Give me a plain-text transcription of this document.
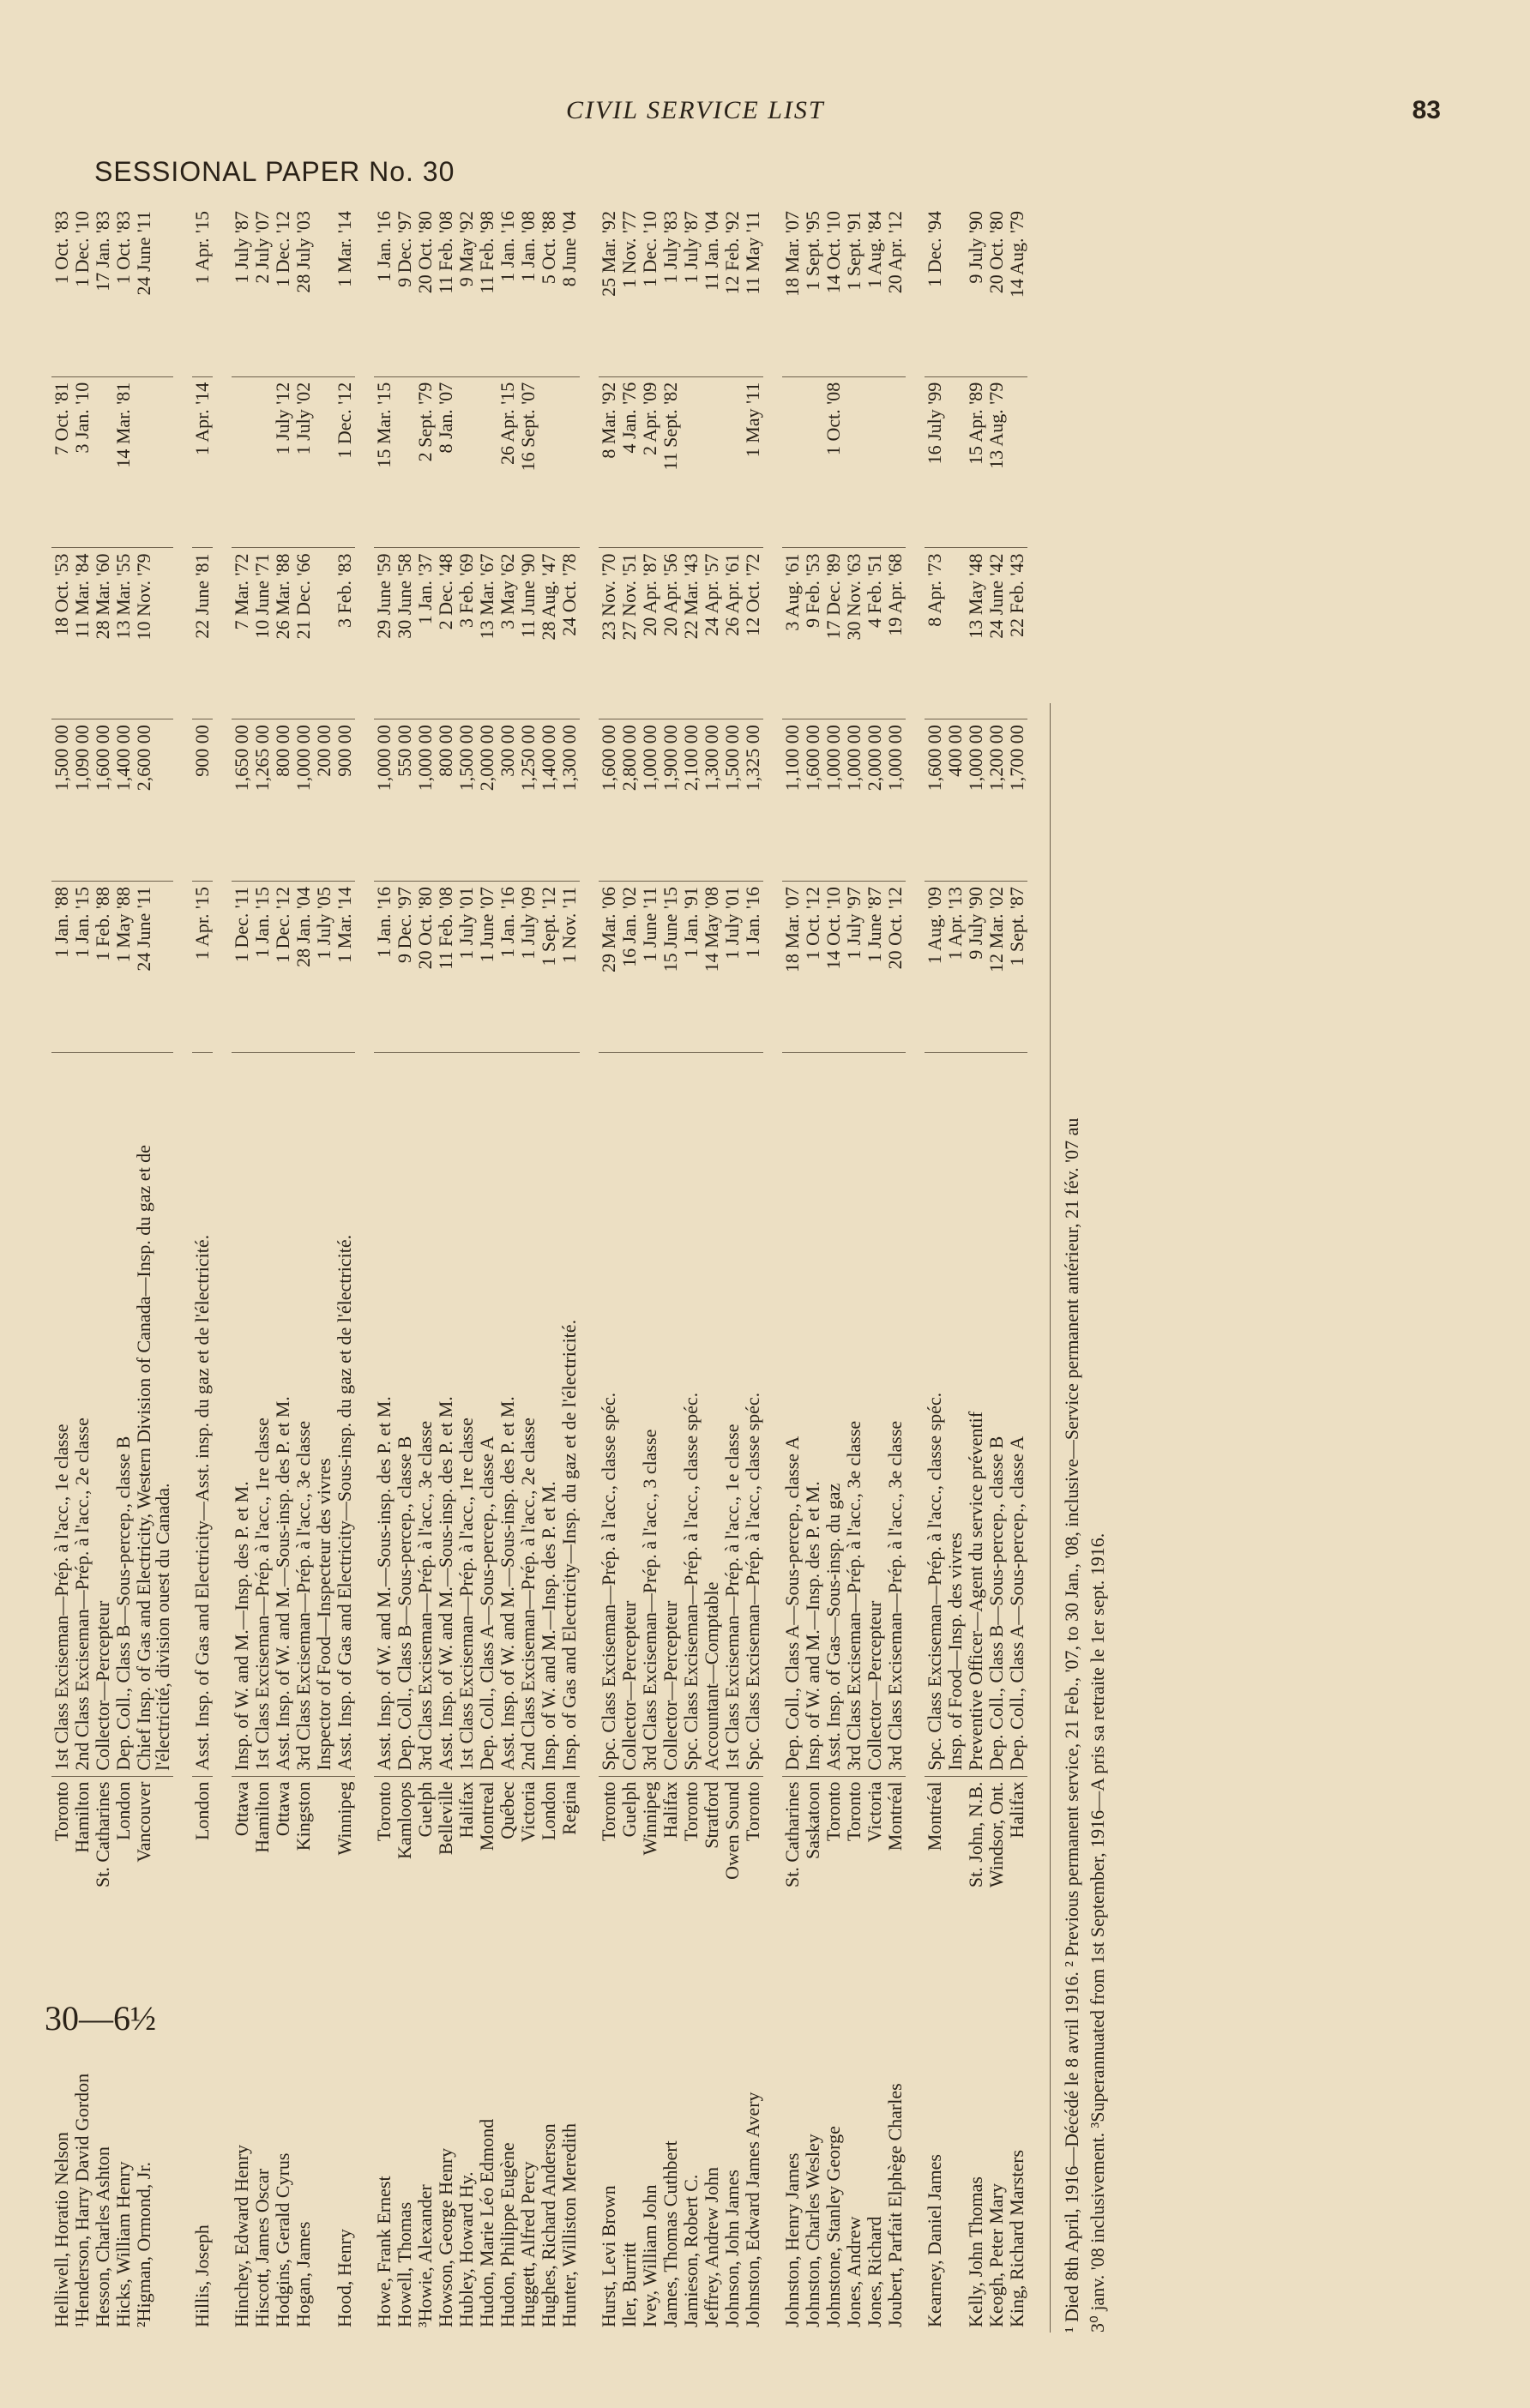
CIVIL SERVICE LIST	83
SESSIONAL PAPER No. 30
30—6½
Helliwell, Horatio Nelson	Toronto	1st Class Exciseman—Prép. à l'acc., 1e classe	1 Jan. '88	1,500 00	18 Oct. '53	7 Oct. '81	1 Oct. '83
¹Henderson, Harry David Gordon	Hamilton	2nd Class Exciseman—Prép. à l'acc., 2e classe	1 Jan. '15	1,090 00	11 Mar. '84	3 Jan. '10	1 Dec. '10
Hesson, Charles Ashton	St. Catharines	Collector—Percepteur	1 Feb. '88	1,600 00	28 Mar. '60		17 Jan. '83
Hicks, William Henry	London	Dep. Coll., Class B—Sous-percep., classe B	1 May '88	1,400 00	13 Mar. '55	14 Mar. '81	1 Oct. '83
²Higman, Ormond, Jr.	Vancouver	Chief Insp. of Gas and Electricity, Western Division of Canada—Insp. du gaz et de l'électricité, division ouest du Canada.	24 June '11	2,600 00	10 Nov. '79		24 June '11

Hillis, Joseph	London	Asst. Insp. of Gas and Electricity—Asst. insp. du gaz et de l'électricité.	1 Apr. '15	900 00	22 June '81	1 Apr. '14	1 Apr. '15

Hinchey, Edward Henry	Ottawa	Insp. of W. and M.—Insp. des P. et M.	1 Dec. '11	1,650 00	7 Mar. '72		1 July '87
Hiscott, James Oscar	Hamilton	1st Class Exciseman—Prép. à l'acc., 1re classe	1 Jan. '15	1,265 00	10 June '71		2 July '07
Hodgins, Gerald Cyrus	Ottawa	Asst. Insp. of W. and M.—Sous-insp. des P. et M.	1 Dec. '12	800 00	26 Mar. '88	1 July '12	1 Dec. '12
Hogan, James	Kingston	3rd Class Exciseman—Prép. à l'acc., 3e classe	28 Jan. '04	1,000 00	21 Dec. '66	1 July '02	28 July '03
		Inspector of Food—Inspecteur des vivres	1 July '05	200 00			
Hood, Henry	Winnipeg	Asst. Insp. of Gas and Electricity—Sous-insp. du gaz et de l'électricité.	1 Mar. '14	900 00	3 Feb. '83	1 Dec. '12	1 Mar. '14

Howe, Frank Ernest	Toronto	Asst. Insp. of W. and M.—Sous-insp. des P. et M.	1 Jan. '16	1,000 00	29 June '59	15 Mar. '15	1 Jan. '16
Howell, Thomas	Kamloops	Dep. Coll., Class B—Sous-percep., classe B	9 Dec. '97	550 00	30 June '58		9 Dec. '97
³Howie, Alexander	Guelph	3rd Class Exciseman—Prép. à l'acc., 3e classe	20 Oct. '80	1,000 00	1 Jan. '37	2 Sept. '79	20 Oct. '80
Howson, George Henry	Belleville	Asst. Insp. of W. and M.—Sous-insp. des P. et M.	11 Feb. '08	800 00	2 Dec. '48	8 Jan. '07	11 Feb. '08
Hubley, Howard Hy.	Halifax	1st Class Exciseman—Prép. à l'acc., 1re classe	1 July '01	1,500 00	3 Feb. '69		9 May '92
Hudon, Marie Léo Edmond	Montreal	Dep. Coll., Class A—Sous-percep., classe A	1 June '07	2,000 00	13 Mar. '67		11 Feb. '98
Hudon, Philippe Eugène	Québec	Asst. Insp. of W. and M.—Sous-insp. des P. et M.	1 Jan. '16	300 00	3 May '62	26 Apr. '15	1 Jan. '16
Huggett, Alfred Percy	Victoria	2nd Class Exciseman—Prép. à l'acc., 2e classe	1 July '09	1,250 00	11 June '90	16 Sept. '07	1 Jan. '08
Hughes, Richard Anderson	London	Insp. of W. and M.—Insp. des P. et M.	1 Sept. '12	1,400 00	28 Aug. '47		5 Oct. '88
Hunter, Williston Meredith	Regina	Insp. of Gas and Electricity—Insp. du gaz et de l'électricité.	1 Nov. '11	1,300 00	24 Oct. '78		8 June '04

Hurst, Levi Brown	Toronto	Spc. Class Exciseman—Prép. à l'acc., classe spéc.	29 Mar. '06	1,600 00	23 Nov. '70	8 Mar. '92	25 Mar. '92
Iler, Burritt	Guelph	Collector—Percepteur	16 Jan. '02	2,800 00	27 Nov. '51	4 Jan. '76	1 Nov. '77
Ivey, William John	Winnipeg	3rd Class Exciseman—Prép. à l'acc., 3 classe	1 June '11	1,000 00	20 Apr. '87	2 Apr. '09	1 Dec. '10
James, Thomas Cuthbert	Halifax	Collector—Percepteur	15 June '15	1,900 00	20 Apr. '56	11 Sept. '82	1 July '83
Jamieson, Robert C.	Toronto	Spc. Class Exciseman—Prép. à l'acc., classe spéc.	1 Jan. '91	2,100 00	22 Mar. '43		1 July '87
Jeffrey, Andrew John	Stratford	Accountant—Comptable	14 May '08	1,300 00	24 Apr. '57		11 Jan. '04
Johnson, John James	Owen Sound	1st Class Exciseman—Prép. à l'acc., 1e classe	1 July '01	1,500 00	26 Apr. '61		12 Feb. '92
Johnston, Edward James Avery	Toronto	Spc. Class Exciseman—Prép. à l'acc., classe spéc.	1 Jan. '16	1,325 00	12 Oct. '72	1 May '11	11 May '11

Johnston, Henry James	St. Catharines	Dep. Coll., Class A—Sous-percep., classe A	18 Mar. '07	1,100 00	3 Aug. '61		18 Mar. '07
Johnston, Charles Wesley	Saskatoon	Insp. of W. and M.—Insp. des P. et M.	1 Oct. '12	1,600 00	9 Feb. '53		1 Sept. '95
Johnstone, Stanley George	Toronto	Asst. Insp. of Gas—Sous-insp. du gaz	14 Oct. '10	1,000 00	17 Dec. '89	1 Oct. '08	14 Oct. '10
Jones, Andrew	Toronto	3rd Class Exciseman—Prép. à l'acc., 3e classe	1 July '97	1,000 00	30 Nov. '63		1 Sept. '91
Jones, Richard	Victoria	Collector—Percepteur	1 June '87	2,000 00	4 Feb. '51		1 Aug. '84
Joubert, Parfait Elphège Charles	Montréal	3rd Class Exciseman—Prép. à l'acc., 3e classe	20 Oct. '12	1,000 00	19 Apr. '68		20 Apr. '12

Kearney, Daniel James	Montréal	Spc. Class Exciseman—Prép. à l'acc., classe spéc.	1 Aug. '09	1,600 00	8 Apr. '73	16 July '99	1 Dec. '94
		Insp. of Food—Insp. des vivres	1 Apr. '13	400 00			
Kelly, John Thomas	St. John, N.B.	Preventive Officer—Agent du service préventif	9 July '90	1,000 00	13 May '48	15 Apr. '89	9 July '90
Keogh, Peter Mary	Windsor, Ont.	Dep. Coll., Class B—Sous-percep., classe B	12 Mar. '02	1,200 00	24 June '42	13 Aug. '79	20 Oct. '80
King, Richard Marsters	Halifax	Dep. Coll., Class A—Sous-percep., classe A	1 Sept. '87	1,700 00	22 Feb. '43		14 Aug. '79
¹ Died 8th April, 1916—Décédé le 8 avril 1916. ² Previous permanent service, 21 Feb., '07, to 30 Jan., '08, inclusive—Service permanent antérieur, 21 fév. '07 au 3⁰ janv. '08 inclusivement. ³Superannuated from 1st September, 1916—A pris sa retraite le 1er sept. 1916.
